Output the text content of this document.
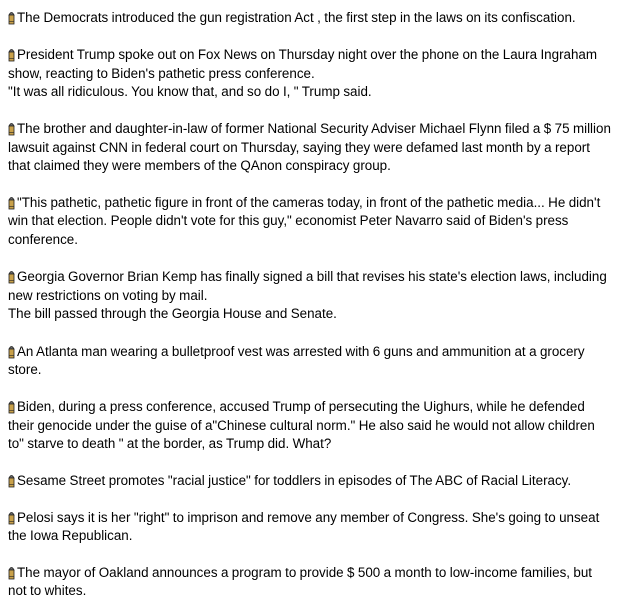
The Democrats introduced the gun registration Act , the first step in the laws on its confiscation.

President Trump spoke out on Fox News on Thursday night over the phone on the Laura Ingraham show, reacting to Biden's pathetic press conference.
"It was all ridiculous. You know that, and so do I, " Trump said.

The brother and daughter-in-law of former National Security Adviser Michael Flynn filed a $ 75 million lawsuit against CNN in federal court on Thursday, saying they were defamed last month by a report that claimed they were members of the QAnon conspiracy group.

"This pathetic, pathetic figure in front of the cameras today, in front of the pathetic media... He didn't win that election. People didn't vote for this guy," economist Peter Navarro said of Biden's press conference.

Georgia Governor Brian Kemp has finally signed a bill that revises his state's election laws, including new restrictions on voting by mail.
The bill passed through the Georgia House and Senate.

An Atlanta man wearing a bulletproof vest was arrested with 6 guns and ammunition at a grocery store.

Biden, during a press conference, accused Trump of persecuting the Uighurs, while he defended their genocide under the guise of a"Chinese cultural norm." He also said he would not allow children to" starve to death " at the border, as Trump did. What?

Sesame Street promotes "racial justice" for toddlers in episodes of The ABC of Racial Literacy.

Pelosi says it is her "right" to imprison and remove any member of Congress. She's going to unseat the Iowa Republican.

The mayor of Oakland announces a program to provide $ 500 a month to low-income families, but not to whites.
